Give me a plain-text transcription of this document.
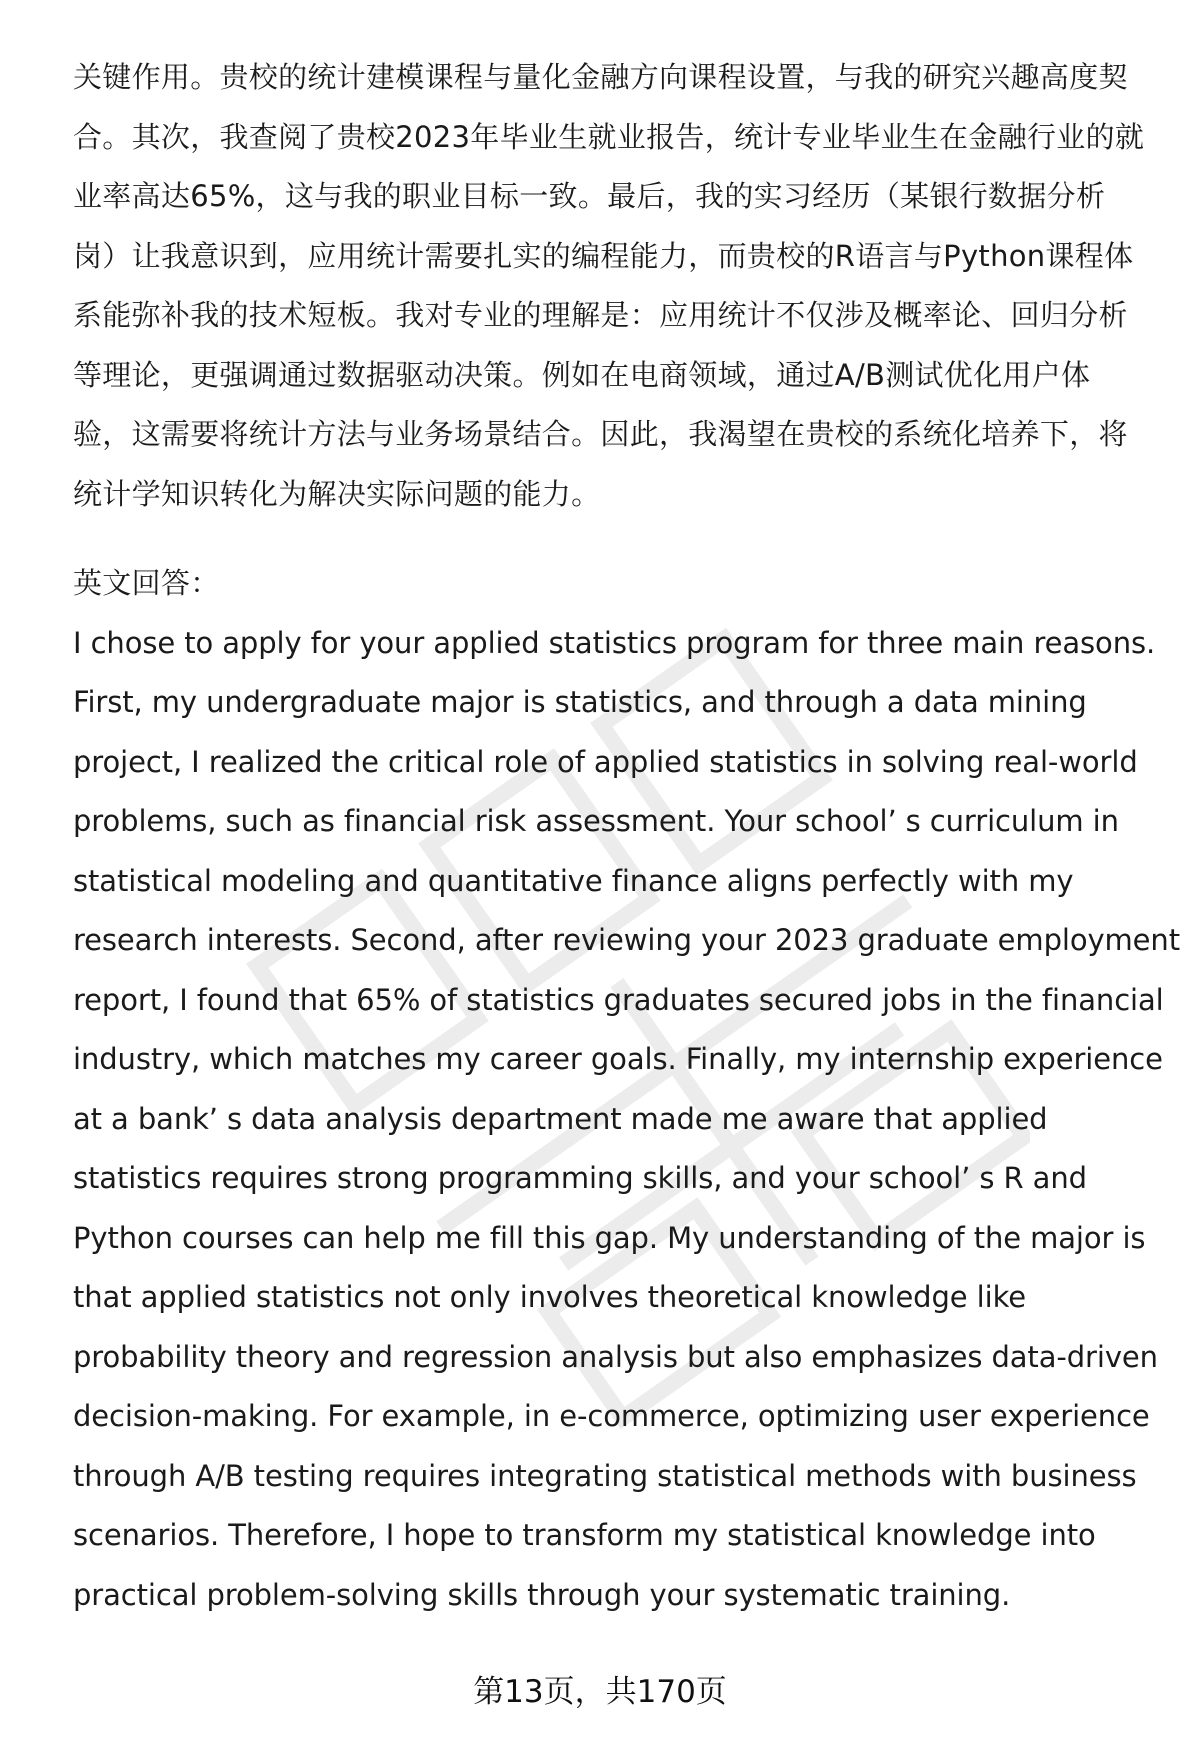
关键作用。贵校的统计建模课程与量化金融方向课程设置，与我的研究兴趣高度契
合。其次，我查阅了贵校2023年毕业生就业报告，统计专业毕业生在金融行业的就
业率高达65%，这与我的职业目标一致。最后，我的实习经历（某银行数据分析
岗）让我意识到，应用统计需要扎实的编程能力，而贵校的R语言与Python课程体
系能弥补我的技术短板。我对专业的理解是：应用统计不仅涉及概率论、回归分析
等理论，更强调通过数据驱动决策。例如在电商领域，通过A/B测试优化用户体
验，这需要将统计方法与业务场景结合。因此，我渴望在贵校的系统化培养下，将
统计学知识转化为解决实际问题的能力。
英文回答：
I chose to apply for your applied statistics program for three main reasons.
First, my undergraduate major is statistics, and through a data mining
project, I realized the critical role of applied statistics in solving real-world
problems, such as financial risk assessment. Your school’ s curriculum in
statistical modeling and quantitative finance aligns perfectly with my
research interests. Second, after reviewing your 2023 graduate employment
report, I found that 65% of statistics graduates secured jobs in the financial
industry, which matches my career goals. Finally, my internship experience
at a bank’ s data analysis department made me aware that applied
statistics requires strong programming skills, and your school’ s R and
Python courses can help me fill this gap. My understanding of the major is
that applied statistics not only involves theoretical knowledge like
probability theory and regression analysis but also emphasizes data-driven
decision-making. For example, in e-commerce, optimizing user experience
through A/B testing requires integrating statistical methods with business
scenarios. Therefore, I hope to transform my statistical knowledge into
practical problem-solving skills through your systematic training.
第13页，共170页
